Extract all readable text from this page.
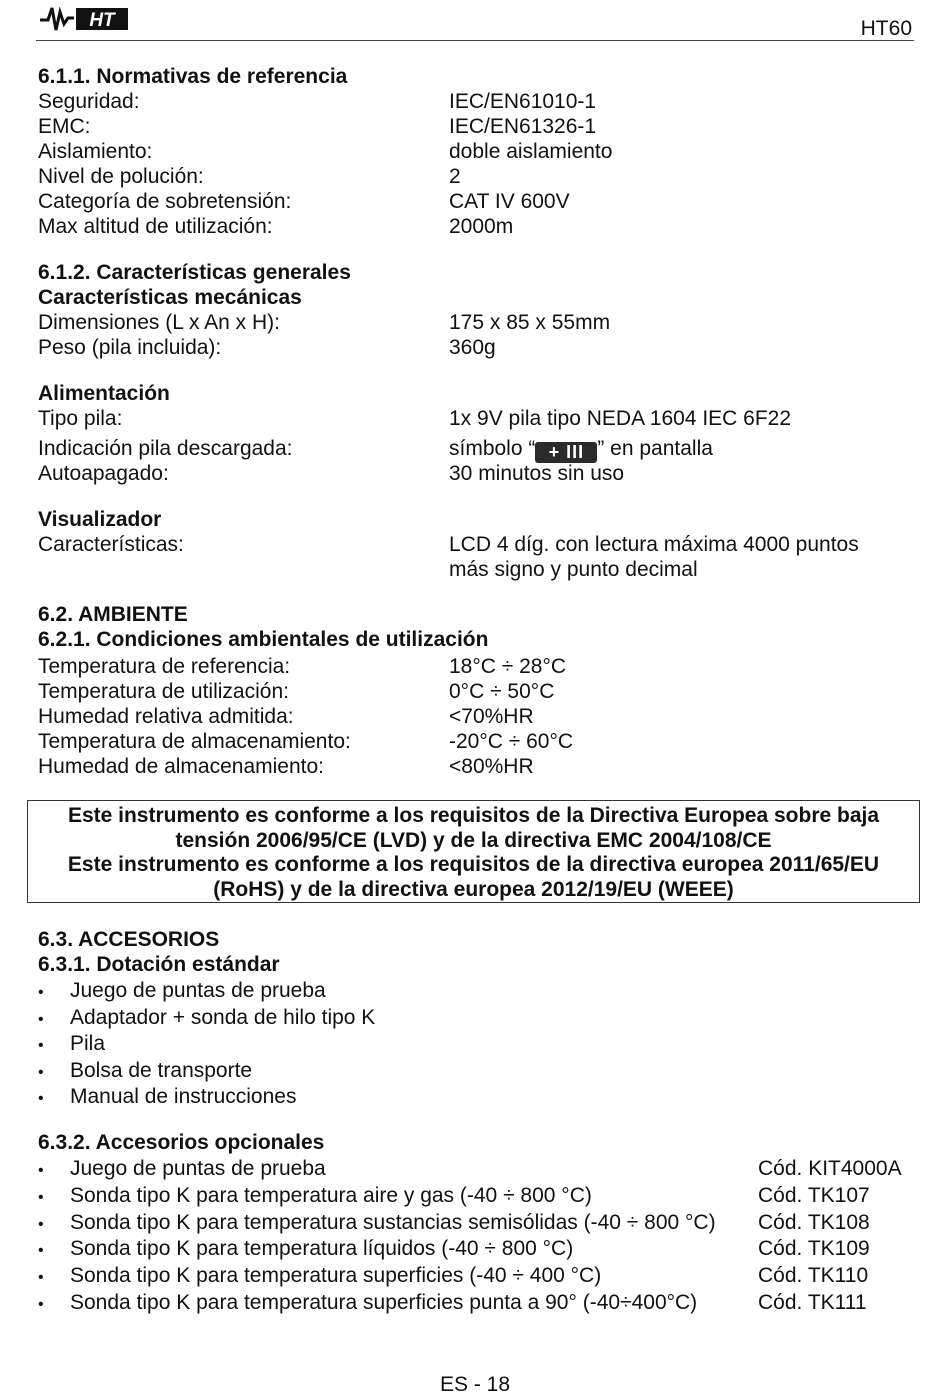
HT	HT60
6.1.1. Normativas de referencia
Seguridad:	IEC/EN61010-1
EMC:	IEC/EN61326-1
Aislamiento:	doble aislamiento
Nivel de polución:	2
Categoría de sobretensión:	CAT IV 600V
Max altitud de utilización:	2000m
6.1.2. Características generales
Características mecánicas
Dimensiones (L x An x H):	175 x 85 x 55mm
Peso (pila incluida):	360g
Alimentación
Tipo pila:	1x 9V pila tipo NEDA 1604 IEC 6F22
Indicación pila descargada:	símbolo “ + III ” en pantalla
Autoapagado:	30 minutos sin uso
Visualizador
Características:	LCD 4 díg. con lectura máxima 4000 puntos
más signo y punto decimal
6.2. AMBIENTE
6.2.1. Condiciones ambientales de utilización
Temperatura de referencia:	18°C ÷ 28°C
Temperatura de utilización:	0°C ÷ 50°C
Humedad relativa admitida:	<70%HR
Temperatura de almacenamiento:	-20°C ÷ 60°C
Humedad de almacenamiento:	<80%HR
Este instrumento es conforme a los requisitos de la Directiva Europea sobre baja
tensión 2006/95/CE (LVD) y de la directiva EMC 2004/108/CE
Este instrumento es conforme a los requisitos de la directiva europea 2011/65/EU
(RoHS) y de la directiva europea 2012/19/EU (WEEE)
6.3. ACCESORIOS
6.3.1. Dotación estándar
• Juego de puntas de prueba
• Adaptador + sonda de hilo tipo K
• Pila
• Bolsa de transporte
• Manual de instrucciones
6.3.2. Accesorios opcionales
• Juego de puntas de prueba	Cód. KIT4000A
• Sonda tipo K para temperatura aire y gas (-40 ÷ 800 °C)	Cód. TK107
• Sonda tipo K para temperatura sustancias semisólidas (-40 ÷ 800 °C) Cód. TK108
• Sonda tipo K para temperatura líquidos (-40 ÷ 800 °C)	Cód. TK109
• Sonda tipo K para temperatura superficies (-40 ÷ 400 °C)	Cód. TK110
• Sonda tipo K para temperatura superficies punta a 90° (-40÷400°C)	Cód. TK111
ES - 18
